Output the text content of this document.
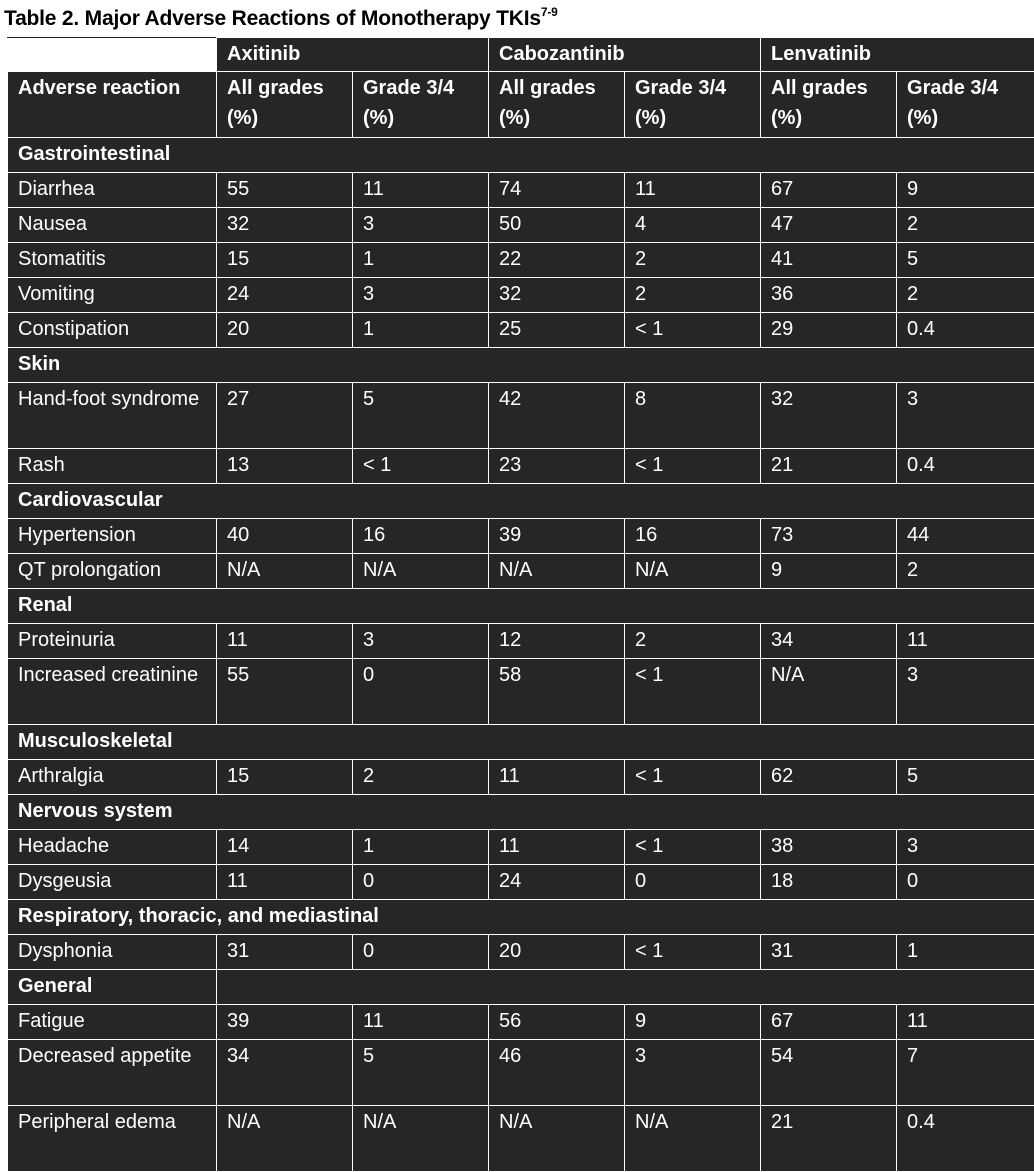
Table 2. Major Adverse Reactions of Monotherapy TKIs$^{7-9}$
	Axitinib		Cabozantinib		Lenvatinib	
Adverse reaction	All grades (%)	Grade 3/4 (%)	All grades (%)	Grade 3/4 (%)	All grades (%)	Grade 3/4 (%)
Gastrointestinal						
Diarrhea	55	11	74	11	67	9
Nausea	32	3	50	4	47	2
Stomatitis	15	1	22	2	41	5
Vomiting	24	3	32	2	36	2
Constipation	20	1	25	< 1	29	0.4
Skin						
Hand-foot syndrome	27	5	42	8	32	3
Rash	13	< 1	23	< 1	21	0.4
Cardiovascular						
Hypertension	40	16	39	16	73	44
QT prolongation	N/A	N/A	N/A	N/A	9	2
Renal						
Proteinuria	11	3	12	2	34	11
Increased creatinine	55	0	58	< 1	N/A	3
Musculoskeletal						
Arthralgia	15	2	11	< 1	62	5
Nervous system						
Headache	14	1	11	< 1	38	3
Dysgeusia	11	0	24	0	18	0
Respiratory, thoracic, and mediastinal						
Dysphonia	31	0	20	< 1	31	1
General						
Fatigue	39	11	56	9	67	11
Decreased appetite	34	5	46	3	54	7
Peripheral edema	N/A	N/A	N/A	N/A	21	0.4
